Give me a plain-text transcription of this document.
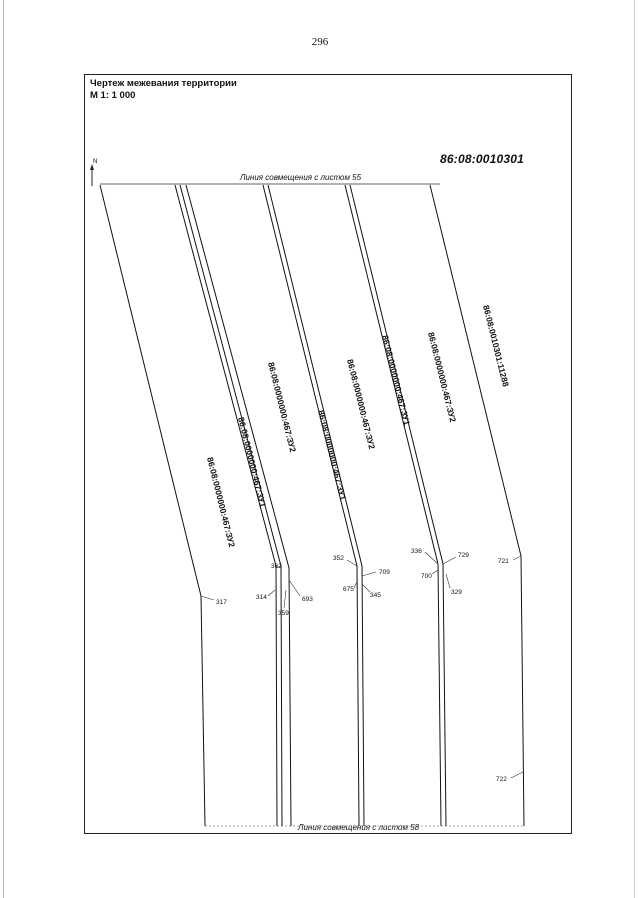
296
Чертеж межевания территории
М 1: 1 000
86:08:0010301
Линия совмещения с листом 55
Линия совмещения с листом 58
N
86:08:0000000:467:ЗУ2
86:08:0000000:467:ЗУ1
86:08:0000000:467:ЗУ2
86:08:0000000:467:ЗУ1
86:08:0000000:467:ЗУ2 86:08:0000000:467:ЗУ1 86:08:0000000:467:ЗУ2	86:08:0010301:11288
317
314
362
359
693
352
709
675
345
336
729
700
329
721
722
